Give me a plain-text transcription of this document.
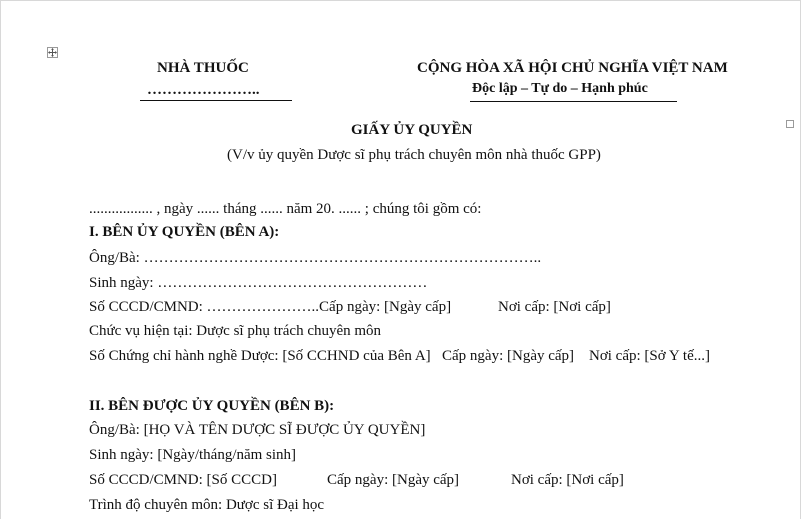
NHÀ THUỐC
…………………..
CỘNG HÒA XÃ HỘI CHỦ NGHĨA VIỆT NAM
Độc lập – Tự do – Hạnh phúc
GIẤY ỦY QUYỀN
(V/v ủy quyền Dược sĩ phụ trách chuyên môn nhà thuốc GPP)
................. , ngày ...... tháng ...... năm 20. ...... ; chúng tôi gồm có:
I. BÊN ỦY QUYỀN (BÊN A):
Ông/Bà: ……………………………………………………………………..
Sinh ngày: ………………………………………………
Số CCCD/CMND: …………………..Cấp ngày: [Ngày cấp]	Nơi cấp: [Nơi cấp]
Chức vụ hiện tại: Dược sĩ phụ trách chuyên môn
Số Chứng chỉ hành nghề Dược: [Số CCHND của Bên A] Cấp ngày: [Ngày cấp] Nơi cấp: [Sở Y tế...]
II. BÊN ĐƯỢC ỦY QUYỀN (BÊN B):
Ông/Bà: [HỌ VÀ TÊN DƯỢC SĨ ĐƯỢC ỦY QUYỀN]
Sinh ngày: [Ngày/tháng/năm sinh]
Số CCCD/CMND: [Số CCCD]	Cấp ngày: [Ngày cấp]	Nơi cấp: [Nơi cấp]
Trình độ chuyên môn: Dược sĩ Đại học
